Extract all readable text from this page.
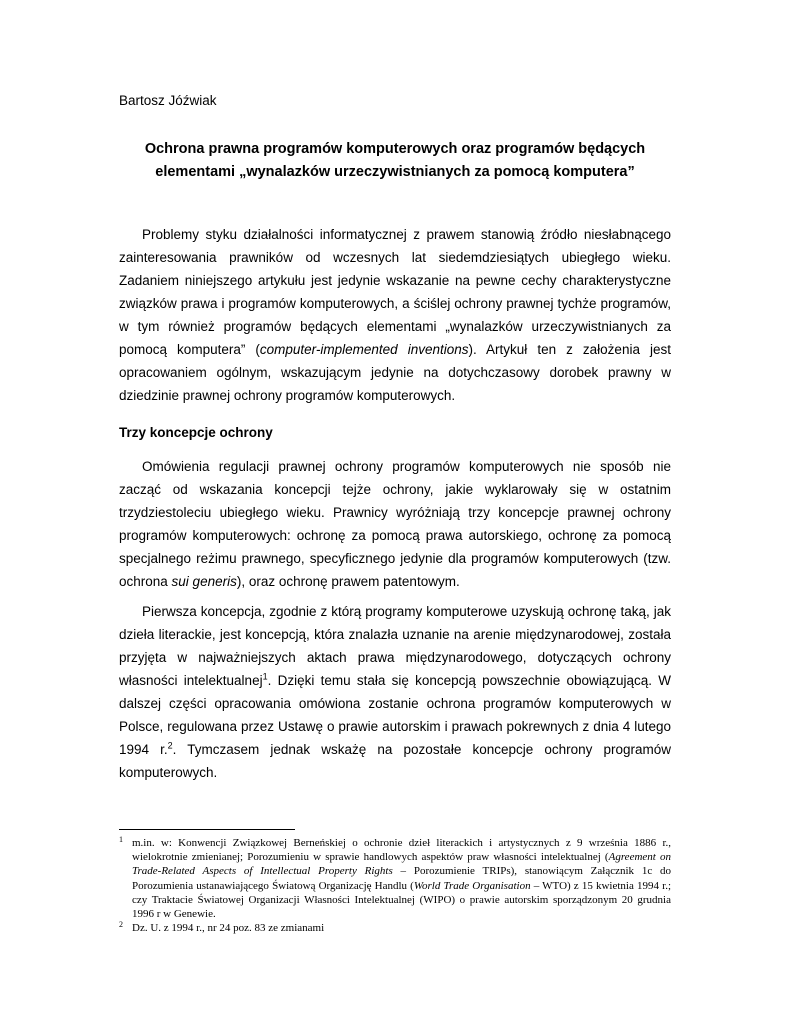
Bartosz Jóźwiak
Ochrona prawna programów komputerowych oraz programów będących
elementami „wynalazków urzeczywistnianych za pomocą komputera”

Problemy styku działalności informatycznej z prawem stanowią źródło niesłabnącego zainteresowania prawników od wczesnych lat siedemdziesiątych ubiegłego wieku. Zadaniem niniejszego artykułu jest jedynie wskazanie na pewne cechy charakterystyczne związków prawa i programów komputerowych, a ściślej ochrony prawnej tychże programów, w tym również programów będących elementami „wynalazków urzeczywistnianych za pomocą komputera” (computer-implemented inventions). Artykuł ten z założenia jest opracowaniem ogólnym, wskazującym jedynie na dotychczasowy dorobek prawny w dziedzinie prawnej ochrony programów komputerowych.

Trzy koncepcje ochrony

Omówienia regulacji prawnej ochrony programów komputerowych nie sposób nie zacząć od wskazania koncepcji tejże ochrony, jakie wyklarowały się w ostatnim trzydziestoleciu ubiegłego wieku. Prawnicy wyróżniają trzy koncepcje prawnej ochrony programów komputerowych: ochronę za pomocą prawa autorskiego, ochronę za pomocą specjalnego reżimu prawnego, specyficznego jedynie dla programów komputerowych (tzw. ochrona sui generis), oraz ochronę prawem patentowym.

Pierwsza koncepcja, zgodnie z którą programy komputerowe uzyskują ochronę taką, jak dzieła literackie, jest koncepcją, która znalazła uznanie na arenie międzynarodowej, została przyjęta w najważniejszych aktach prawa międzynarodowego, dotyczących ochrony własności intelektualnej$^1$. Dzięki temu stała się koncepcją powszechnie obowiązującą. W dalszej części opracowania omówiona zostanie ochrona programów komputerowych w Polsce, regulowana przez Ustawę o prawie autorskim i prawach pokrewnych z dnia 4 lutego 1994 r.$^2$. Tymczasem jednak wskażę na pozostałe koncepcje ochrony programów komputerowych.

1 m.in. w: Konwencji Związkowej Berneńskiej o ochronie dzieł literackich i artystycznych z 9 września 1886 r., wielokrotnie zmienianej; Porozumieniu w sprawie handlowych aspektów praw własności intelektualnej (Agreement on Trade-Related Aspects of Intellectual Property Rights – Porozumienie TRIPs), stanowiącym Załącznik 1c do Porozumienia ustanawiającego Światową Organizację Handlu (World Trade Organisation – WTO) z 15 kwietnia 1994 r.; czy Traktacie Światowej Organizacji Własności Intelektualnej (WIPO) o prawie autorskim sporządzonym 20 grudnia 1996 r w Genewie.

2 Dz. U. z 1994 r., nr 24 poz. 83 ze zmianami
